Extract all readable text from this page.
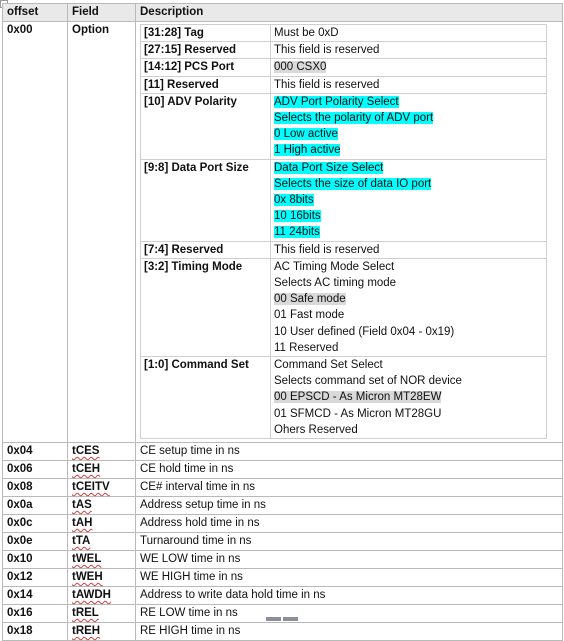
offset	Field	Description
0x00	Option		[31:28] Tag	Must be 0xD

[27:15] Reserved	This field is reserved

[14:12] PCS Port	000 CSX0

[11] Reserved	This field is reserved

[10] ADV Polarity	ADV Port Polarity Select
Selects the polarity of ADV port
0 Low active
1 High active

[9:8] Data Port Size	Data Port Size Select
Selects the size of data IO port
0x 8bits
10 16bits
11 24bits

[7:4] Reserved	This field is reserved

[3:2] Timing Mode	AC Timing Mode Select
Selects AC timing mode
00 Safe mode
01 Fast mode
10 User defined (Field 0x04 - 0x19)
11 Reserved

[1:0] Command Set	Command Set Select
Selects command set of NOR device
00 EPSCD - As Micron MT28EW
01 SFMCD - As Micron MT28GU
Ohers Reserved

0x04	tCES	CE setup time in ns
0x06	tCEH	CE hold time in ns
0x08	tCEITV	CE# interval time in ns
0x0a	tAS	Address setup time in ns
0x0c	tAH	Address hold time in ns
0x0e	tTA	Turnaround time in ns
0x10	tWEL	WE LOW time in ns
0x12	tWEH	WE HIGH time in ns
0x14	tAWDH	Address to write data hold time in ns
0x16	tREL	RE LOW time in ns
0x18	tREH	RE HIGH time in ns
